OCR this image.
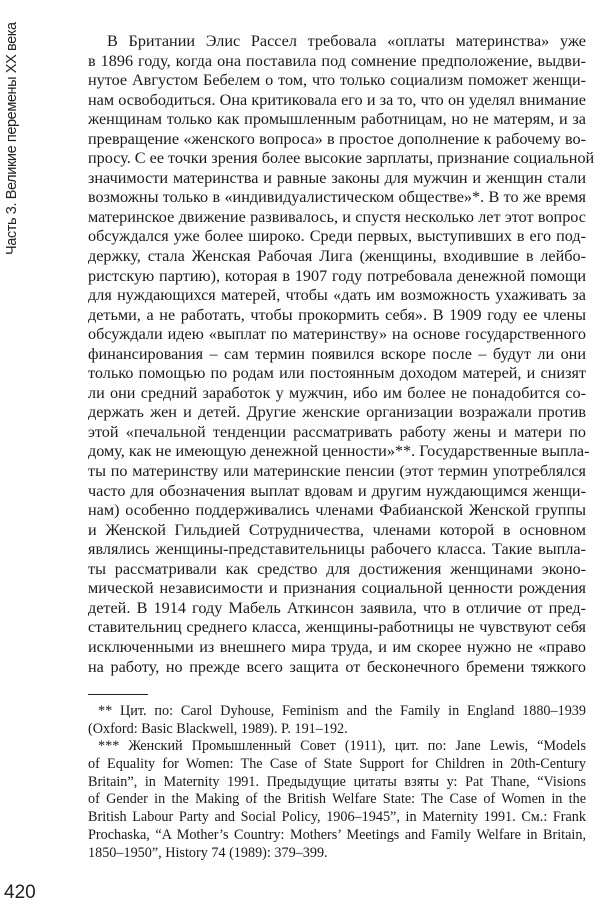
Часть 3. Великие перемены XX века	В Британии Элис Рассел требовала «оплаты материнства» уже
в 1896 году, когда она поставила под сомнение предположение, выдви-
нутое Августом Бебелем о том, что только социализм поможет женщи-
нам освободиться. Она критиковала его и за то, что он уделял внимание
женщинам только как промышленным работницам, но не матерям, и за
превращение «женского вопроса» в простое дополнение к рабочему во-
просу. С ее точки зрения более высокие зарплаты, признание социальной
значимости материнства и равные законы для мужчин и женщин стали
возможны только в «индивидуалистическом обществе»*. В то же время
материнское движение развивалось, и спустя несколько лет этот вопрос
обсуждался уже более широко. Среди первых, выступивших в его под-
держку, стала Женская Рабочая Лига (женщины, входившие в лейбо-
ристскую партию), которая в 1907 году потребовала денежной помощи
для нуждающихся матерей, чтобы «дать им возможность ухаживать за
детьми, а не работать, чтобы прокормить себя». В 1909 году ее члены
обсуждали идею «выплат по материнству» на основе государственного
финансирования – сам термин появился вскоре после – будут ли они
только помощью по родам или постоянным доходом матерей, и снизят
ли они средний заработок у мужчин, ибо им более не понадобится со-
держать жен и детей. Другие женские организации возражали против
этой «печальной тенденции рассматривать работу жены и матери по
дому, как не имеющую денежной ценности»**. Государственные выпла-
ты по материнству или материнские пенсии (этот термин употреблялся
часто для обозначения выплат вдовам и другим нуждающимся женщи-
нам) особенно поддерживались членами Фабианской Женской группы
и Женской Гильдией Сотрудничества, членами которой в основном
являлись женщины-представительницы рабочего класса. Такие выпла-
ты рассматривали как средство для достижения женщинами эконо-
мической независимости и признания социальной ценности рождения
детей. В 1914 году Мабель Аткинсон заявила, что в отличие от пред-
ставительниц среднего класса, женщины-работницы не чувствуют себя
исключенными из внешнего мира труда, и им скорее нужно не «право
на работу, но прежде всего защита от бесконечного бремени тяжкого
** Цит. по: Carol Dyhouse, Feminism and the Family in England 1880–1939
(Oxford: Basic Blackwell, 1989). P. 191–192.
*** Женский Промышленный Совет (1911), цит. по: Jane Lewis, “Models
of Equality for Women: The Case of State Support for Children in 20th-Century
Britain”, in Maternity 1991. Предыдущие цитаты взяты у: Pat Thane, “Visions
of Gender in the Making of the British Welfare State: The Case of Women in the
British Labour Party and Social Policy, 1906–1945”, in Maternity 1991. См.: Frank
Prochaska, “A Mother’s Country: Mothers’ Meetings and Family Welfare in Britain,
1850–1950”, History 74 (1989): 379–399.
420
